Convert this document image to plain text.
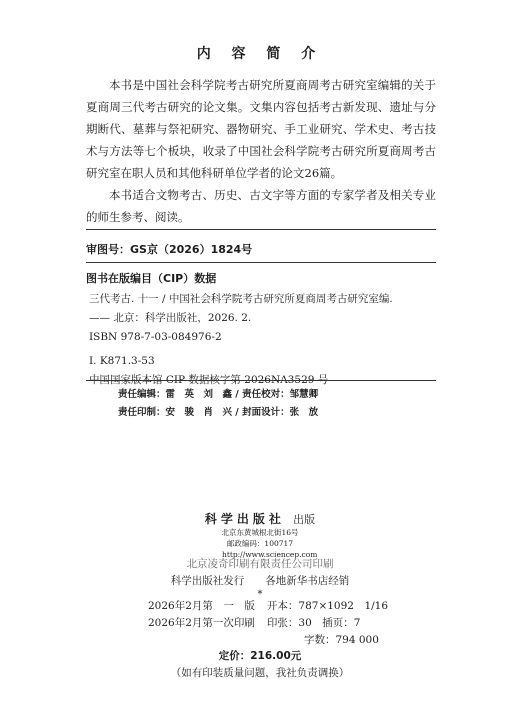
内 容 简 介

本书是中国社会科学院考古研究所夏商周考古研究室编辑的关于夏商周三代考古研究的论文集。文集内容包括考古新发现、遗址与分期断代、墓葬与祭祀研究、器物研究、手工业研究、学术史、考古技术与方法等七个板块，收录了中国社会科学院考古研究所夏商周考古研究室在职人员和其他科研单位学者的论文26篇。

本书适合文物考古、历史、古文字等方面的专家学者及相关专业的师生参考、阅读。

审图号：GS京（2026）1824号
图书在版编目（CIP）数据
三代考古. 十一 / 中国社会科学院考古研究所夏商周考古研究室编.
—— 北京：科学出版社，2026. 2.
ISBN 978-7-03-084976-2
Ⅰ. K871.3-53
中国国家版本馆 CIP 数据核字第 2026NA3529 号
责任编辑：雷　英　刘　鑫 / 责任校对：邹慧卿
责任印制：安　骏　肖　兴 / 封面设计：张　放
科学出版社 出版
北京东黄城根北街16号
邮政编码：100717
http://www.sciencep.com
北京凌奇印刷有限责任公司印刷
科学出版社发行　　各地新华书店经销
*
2026年2月第　一　版 开本：787×1092　1/16
2026年2月第一次印刷 印张：30　插页：7
字数：794 000
定价：216.00元
（如有印装质量问题，我社负责调换）
